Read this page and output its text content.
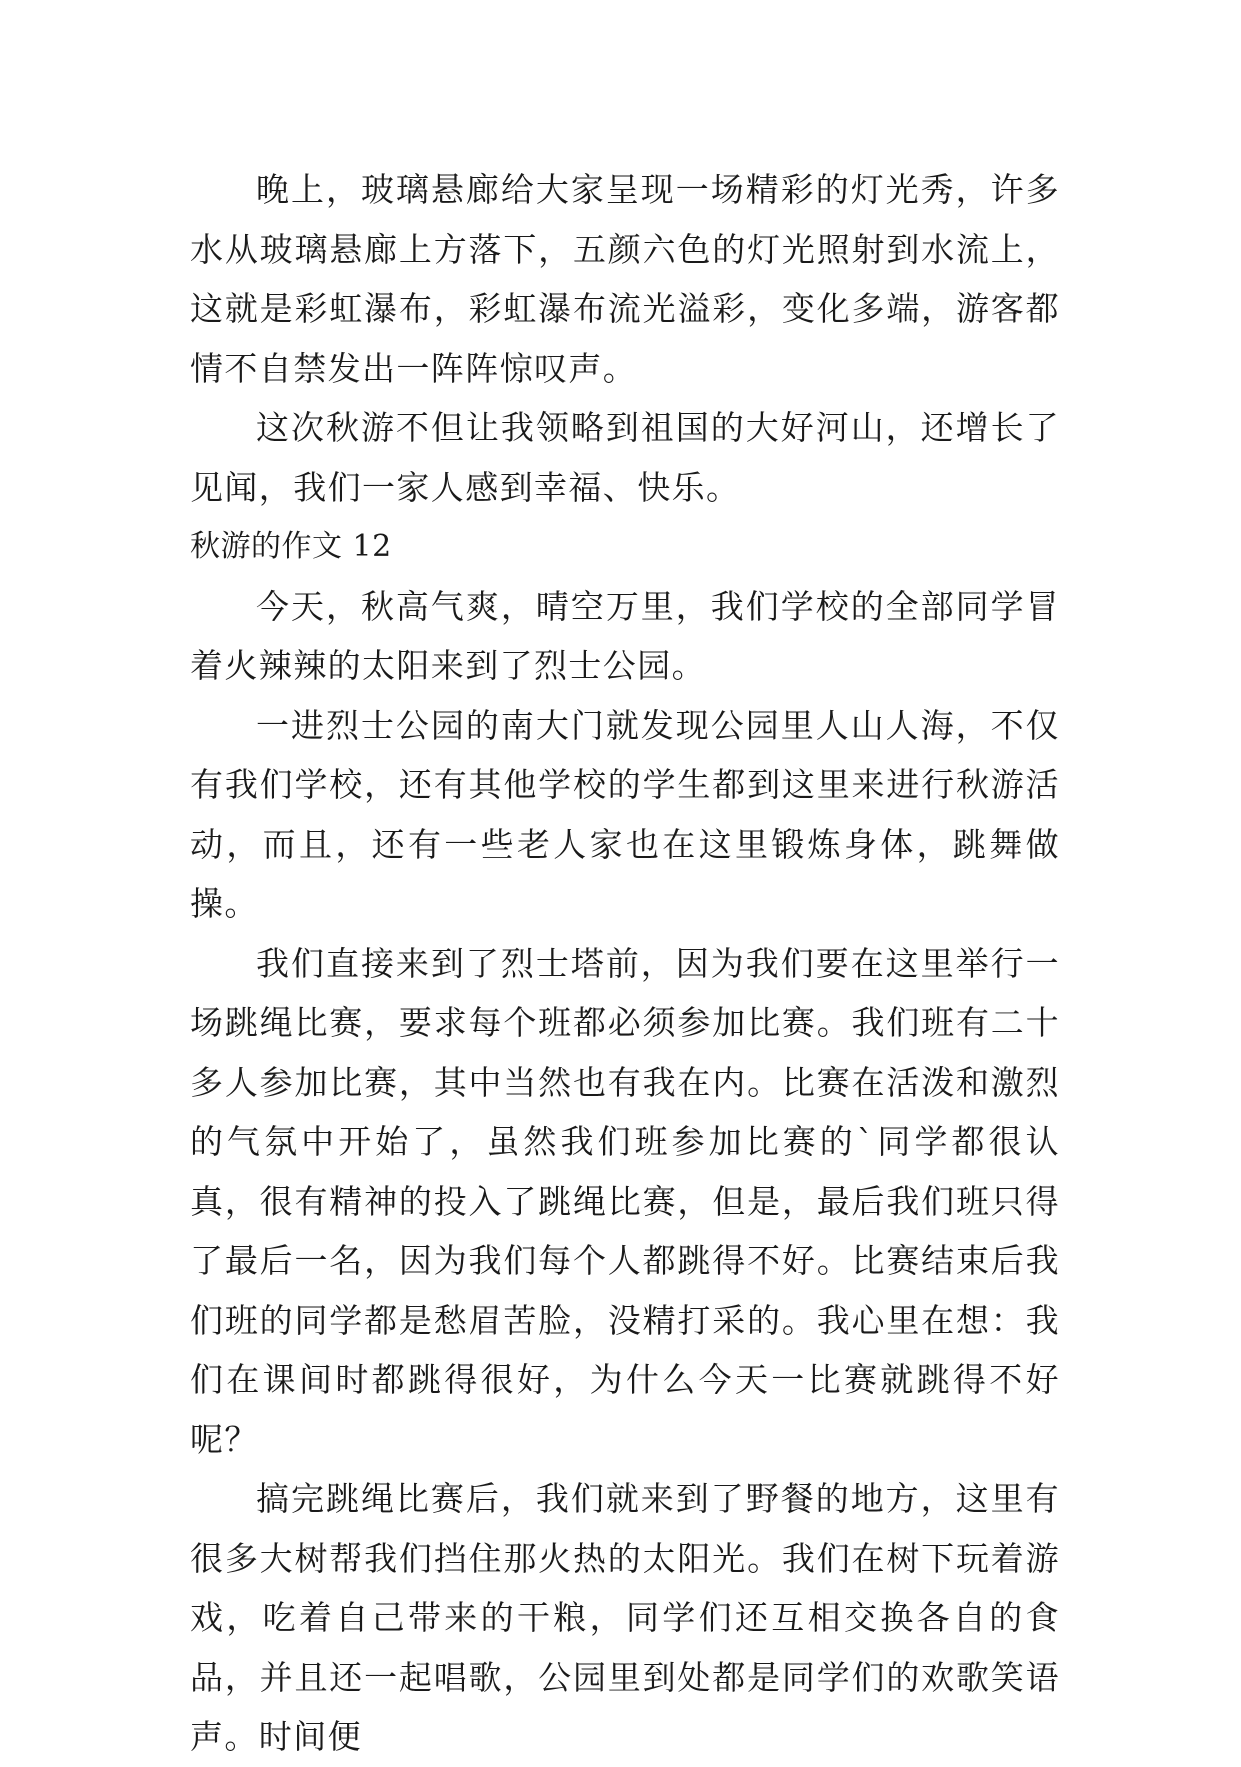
晚上，玻璃悬廊给大家呈现一场精彩的灯光秀，许多水从玻璃悬廊上方落下，五颜六色的灯光照射到水流上，这就是彩虹瀑布，彩虹瀑布流光溢彩，变化多端，游客都情不自禁发出一阵阵惊叹声。

这次秋游不但让我领略到祖国的大好河山，还增长了见闻，我们一家人感到幸福、快乐。

秋游的作文 12

今天，秋高气爽，晴空万里，我们学校的全部同学冒着火辣辣的太阳来到了烈士公园。

一进烈士公园的南大门就发现公园里人山人海，不仅有我们学校，还有其他学校的学生都到这里来进行秋游活动，而且，还有一些老人家也在这里锻炼身体，跳舞做操。

我们直接来到了烈士塔前，因为我们要在这里举行一场跳绳比赛，要求每个班都必须参加比赛。我们班有二十多人参加比赛，其中当然也有我在内。比赛在活泼和激烈的气氛中开始了，虽然我们班参加比赛的`同学都很认真，很有精神的投入了跳绳比赛，但是，最后我们班只得了最后一名，因为我们每个人都跳得不好。比赛结束后我们班的同学都是愁眉苦脸，没精打采的。我心里在想：我们在课间时都跳得很好，为什么今天一比赛就跳得不好呢？

搞完跳绳比赛后，我们就来到了野餐的地方，这里有很多大树帮我们挡住那火热的太阳光。我们在树下玩着游戏，吃着自己带来的干粮，同学们还互相交换各自的食品，并且还一起唱歌，公园里到处都是同学们的欢歌笑语声。时间便
